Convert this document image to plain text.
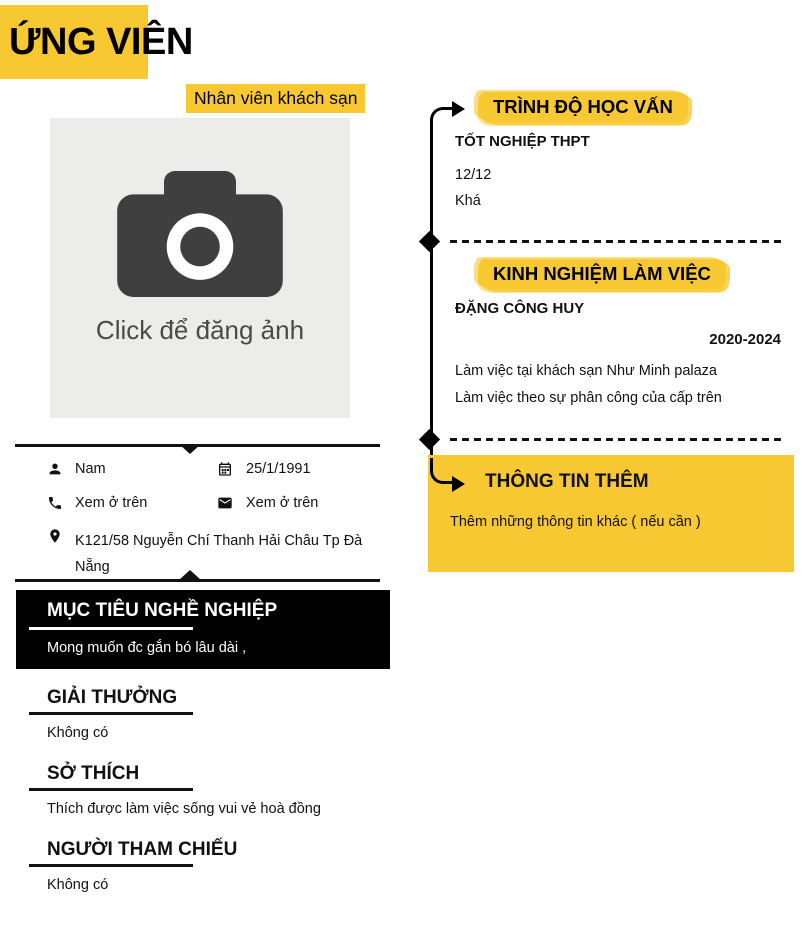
ỨNG VIÊN
Nhân viên khách sạn
Click để đăng ảnh
Nam	25/1/1991
Xem ở trên	Xem ở trên
K121/58 Nguyễn Chí Thanh Hải Châu Tp Đà Nẵng
MỤC TIÊU NGHỀ NGHIỆP
Mong muốn đc gắn bó lâu dài ,
GIẢI THƯỞNG
Không có
SỞ THÍCH
Thích được làm việc sống vui vẻ hoà đồng
NGƯỜI THAM CHIẾU
Không có
TRÌNH ĐỘ HỌC VẤN
TỐT NGHIỆP THPT
12/12
Khá
KINH NGHIỆM LÀM VIỆC
ĐẶNG CÔNG HUY
2020-2024
Làm việc tại khách sạn Như Minh palaza
Làm việc theo sự phân công của cấp trên
THÔNG TIN THÊM
Thêm những thông tin khác ( nếu cần )
